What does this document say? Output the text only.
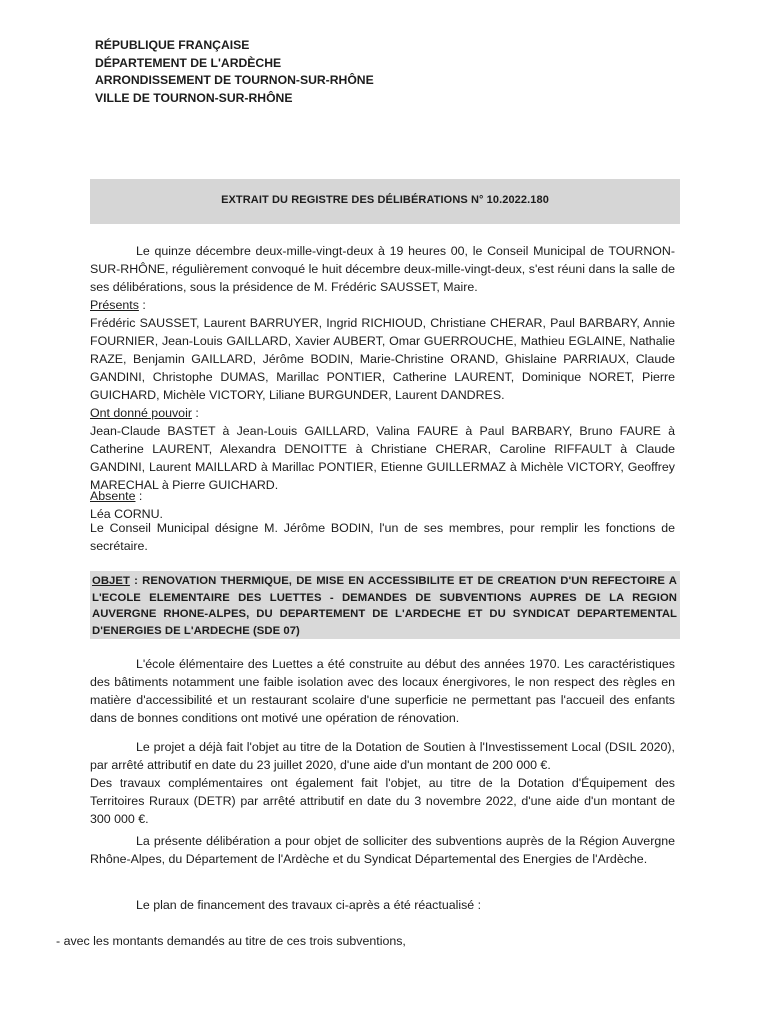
RÉPUBLIQUE FRANÇAISE
DÉPARTEMENT DE L'ARDÈCHE
ARRONDISSEMENT DE TOURNON-SUR-RHÔNE
VILLE DE TOURNON-SUR-RHÔNE
EXTRAIT DU REGISTRE DES DÉLIBÉRATIONS N° 10.2022.180

Le quinze décembre deux-mille-vingt-deux à 19 heures 00, le Conseil Municipal de TOURNON-SUR-RHÔNE, régulièrement convoqué le huit décembre deux-mille-vingt-deux, s'est réuni dans la salle de ses délibérations, sous la présidence de M. Frédéric SAUSSET, Maire.

Présents :

Frédéric SAUSSET, Laurent BARRUYER, Ingrid RICHIOUD, Christiane CHERAR, Paul BARBARY, Annie FOURNIER, Jean-Louis GAILLARD, Xavier AUBERT, Omar GUERROUCHE, Mathieu EGLAINE, Nathalie RAZE, Benjamin GAILLARD, Jérôme BODIN, Marie-Christine ORAND, Ghislaine PARRIAUX, Claude GANDINI, Christophe DUMAS, Marillac PONTIER, Catherine LAURENT, Dominique NORET, Pierre GUICHARD, Michèle VICTORY, Liliane BURGUNDER, Laurent DANDRES.

Ont donné pouvoir :

Jean-Claude BASTET à Jean-Louis GAILLARD, Valina FAURE à Paul BARBARY, Bruno FAURE à Catherine LAURENT, Alexandra DENOITTE à Christiane CHERAR, Caroline RIFFAULT à Claude GANDINI, Laurent MAILLARD à Marillac PONTIER, Etienne GUILLERMAZ à Michèle VICTORY, Geoffrey MARECHAL à Pierre GUICHARD.

Absente :

Léa CORNU.

Le Conseil Municipal désigne M. Jérôme BODIN, l'un de ses membres, pour remplir les fonctions de secrétaire.

OBJET : RENOVATION THERMIQUE, DE MISE EN ACCESSIBILITE ET DE CREATION D'UN REFECTOIRE A L'ECOLE ELEMENTAIRE DES LUETTES - DEMANDES DE SUBVENTIONS AUPRES DE LA REGION AUVERGNE RHONE-ALPES, DU DEPARTEMENT DE L'ARDECHE ET DU SYNDICAT DEPARTEMENTAL D'ENERGIES DE L'ARDECHE (SDE 07)

L'école élémentaire des Luettes a été construite au début des années 1970. Les caractéristiques des bâtiments notamment une faible isolation avec des locaux énergivores, le non respect des règles en matière d'accessibilité et un restaurant scolaire d'une superficie ne permettant pas l'accueil des enfants dans de bonnes conditions ont motivé une opération de rénovation.

Le projet a déjà fait l'objet au titre de la Dotation de Soutien à l'Investissement Local (DSIL 2020), par arrêté attributif en date du 23 juillet 2020, d'une aide d'un montant de 200 000 €.

Des travaux complémentaires ont également fait l'objet, au titre de la Dotation d'Équipement des Territoires Ruraux (DETR) par arrêté attributif en date du 3 novembre 2022, d'une aide d'un montant de 300 000 €.

La présente délibération a pour objet de solliciter des subventions auprès de la Région Auvergne Rhône-Alpes, du Département de l'Ardèche et du Syndicat Départemental des Energies de l'Ardèche.

Le plan de financement des travaux ci-après a été réactualisé :

- avec les montants demandés au titre de ces trois subventions,
